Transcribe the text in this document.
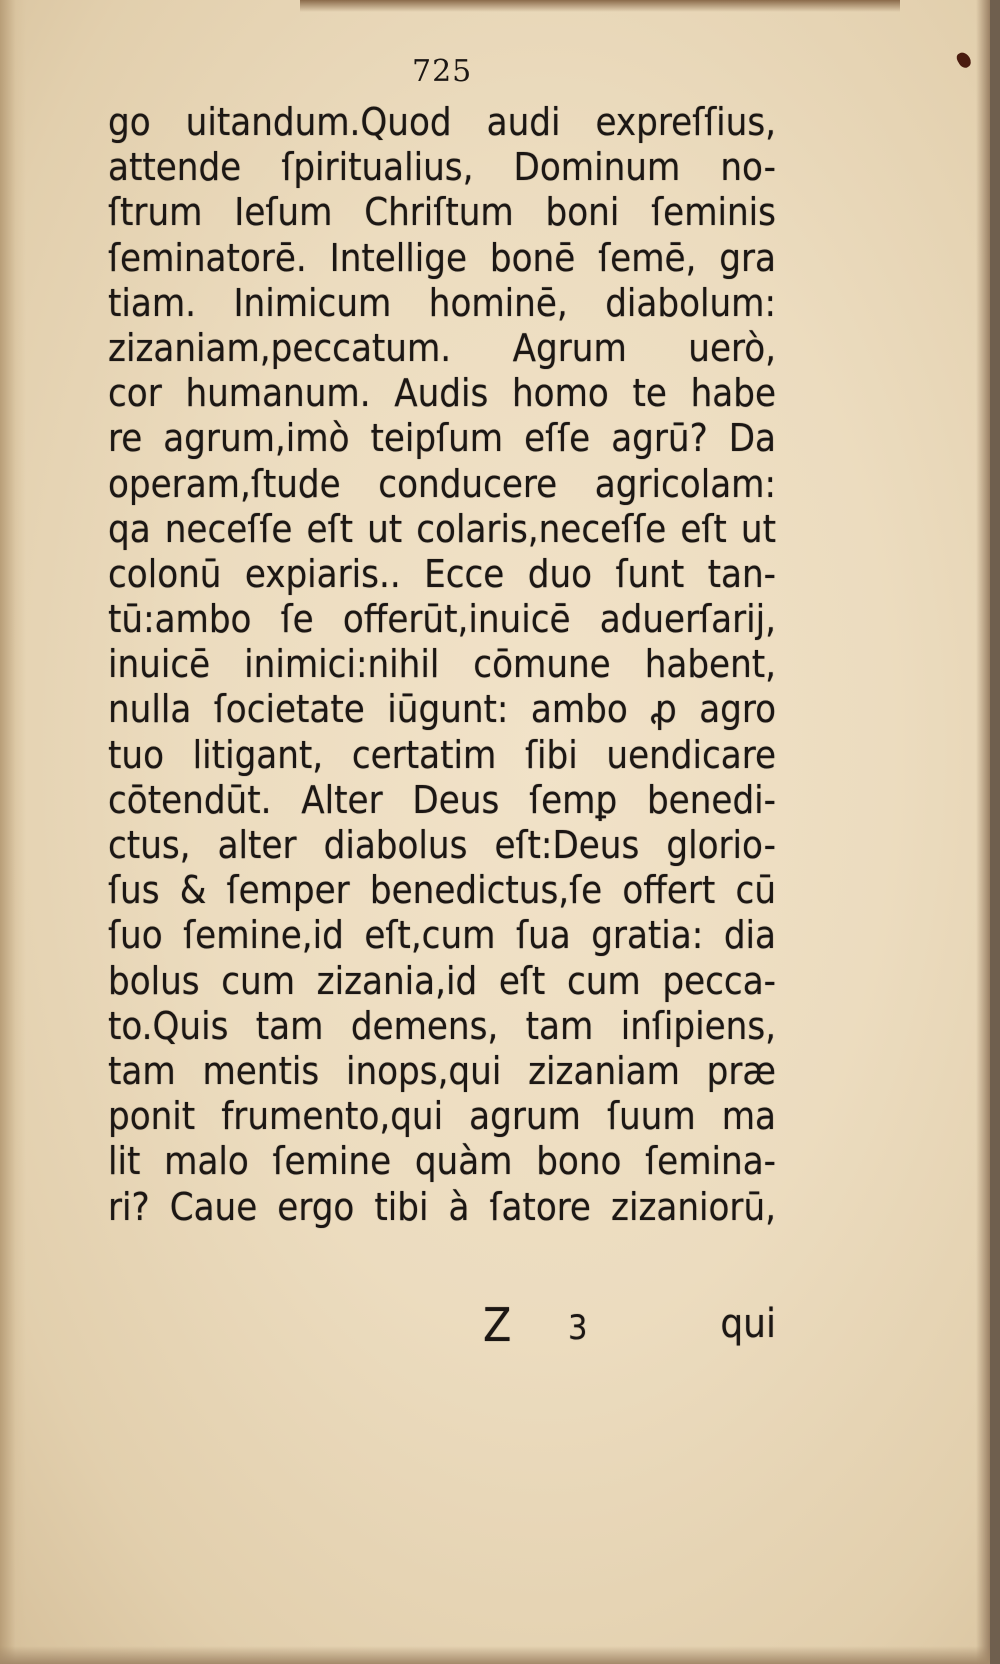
725
go uitandum.Quod audi expreſſius,
attende ſpiritualius, Dominum no-
ſtrum Ieſum Chriſtum boni ſeminis
ſeminatorē. Intellige bonē ſemē, gra
tiam. Inimicum hominē, diabolum:
zizaniam,peccatum. Agrum uerò,
cor humanum. Audis homo te habe
re agrum,imò teipſum eſſe agrū? Da
operam,ſtude conducere agricolam:
qa neceſſe eſt ut colaris,neceſſe eſt ut
colonū expiaris.. Ecce duo ſunt tan-
tū:ambo ſe offerūt,inuicē aduerſarij,
inuicē inimici:nihil cōmune habent,
nulla ſocietate iūgunt: ambo ꝓ agro
tuo litigant, certatim ſibi uendicare
cōtendūt. Alter Deus ſemꝑ benedi-
ctus, alter diabolus eſt:Deus glorio-
ſus & ſemper benedictus,ſe offert cū
ſuo ſemine,id eſt,cum ſua gratia: dia
bolus cum zizania,id eſt cum pecca-
to.Quis tam demens, tam inſipiens,
tam mentis inops,qui zizaniam præ
ponit frumento,qui agrum ſuum ma
lit malo ſemine quàm bono ſemina-
ri? Caue ergo tibi à ſatore zizaniorū,
Z 3	qui
